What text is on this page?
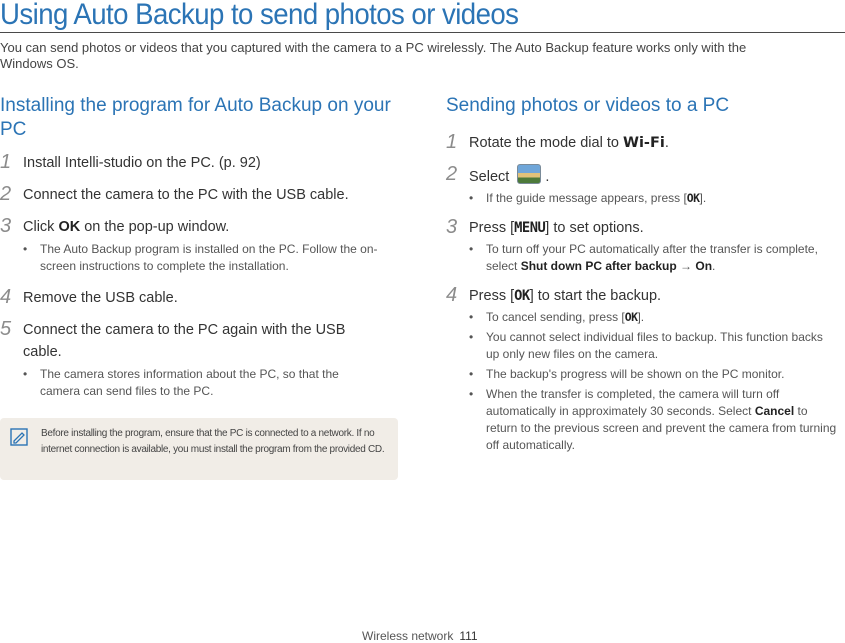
Using Auto Backup to send photos or videos

You can send photos or videos that you captured with the camera to a PC wirelessly. The Auto Backup feature works only with the Windows OS.

Installing the program for Auto Backup on your PC
1 Install Intelli-studio on the PC. (p. 92)
2 Connect the camera to the PC with the USB cable.
3 Click OK on the pop-up window.
• The Auto Backup program is installed on the PC. Follow the on-screen instructions to complete the installation.
4 Remove the USB cable.
5 Connect the camera to the PC again with the USB cable.
• The camera stores information about the PC, so that the camera can send files to the PC.
Before installing the program, ensure that the PC is connected to a network. If no internet connection is available, you must install the program from the provided CD.
Sending photos or videos to a PC
1 Rotate the mode dial to Wi-Fi.
2 Select .
• If the guide message appears, press [OK].
3 Press [MENU] to set options.
• To turn off your PC automatically after the transfer is complete, select Shut down PC after backup → On.
4 Press [OK] to start the backup.
• To cancel sending, press [OK].
• You cannot select individual files to backup. This function backs up only new files on the camera.
• The backup's progress will be shown on the PC monitor.
• When the transfer is completed, the camera will turn off automatically in approximately 30 seconds. Select Cancel to return to the previous screen and prevent the camera from turning off automatically.
Wireless network 111
